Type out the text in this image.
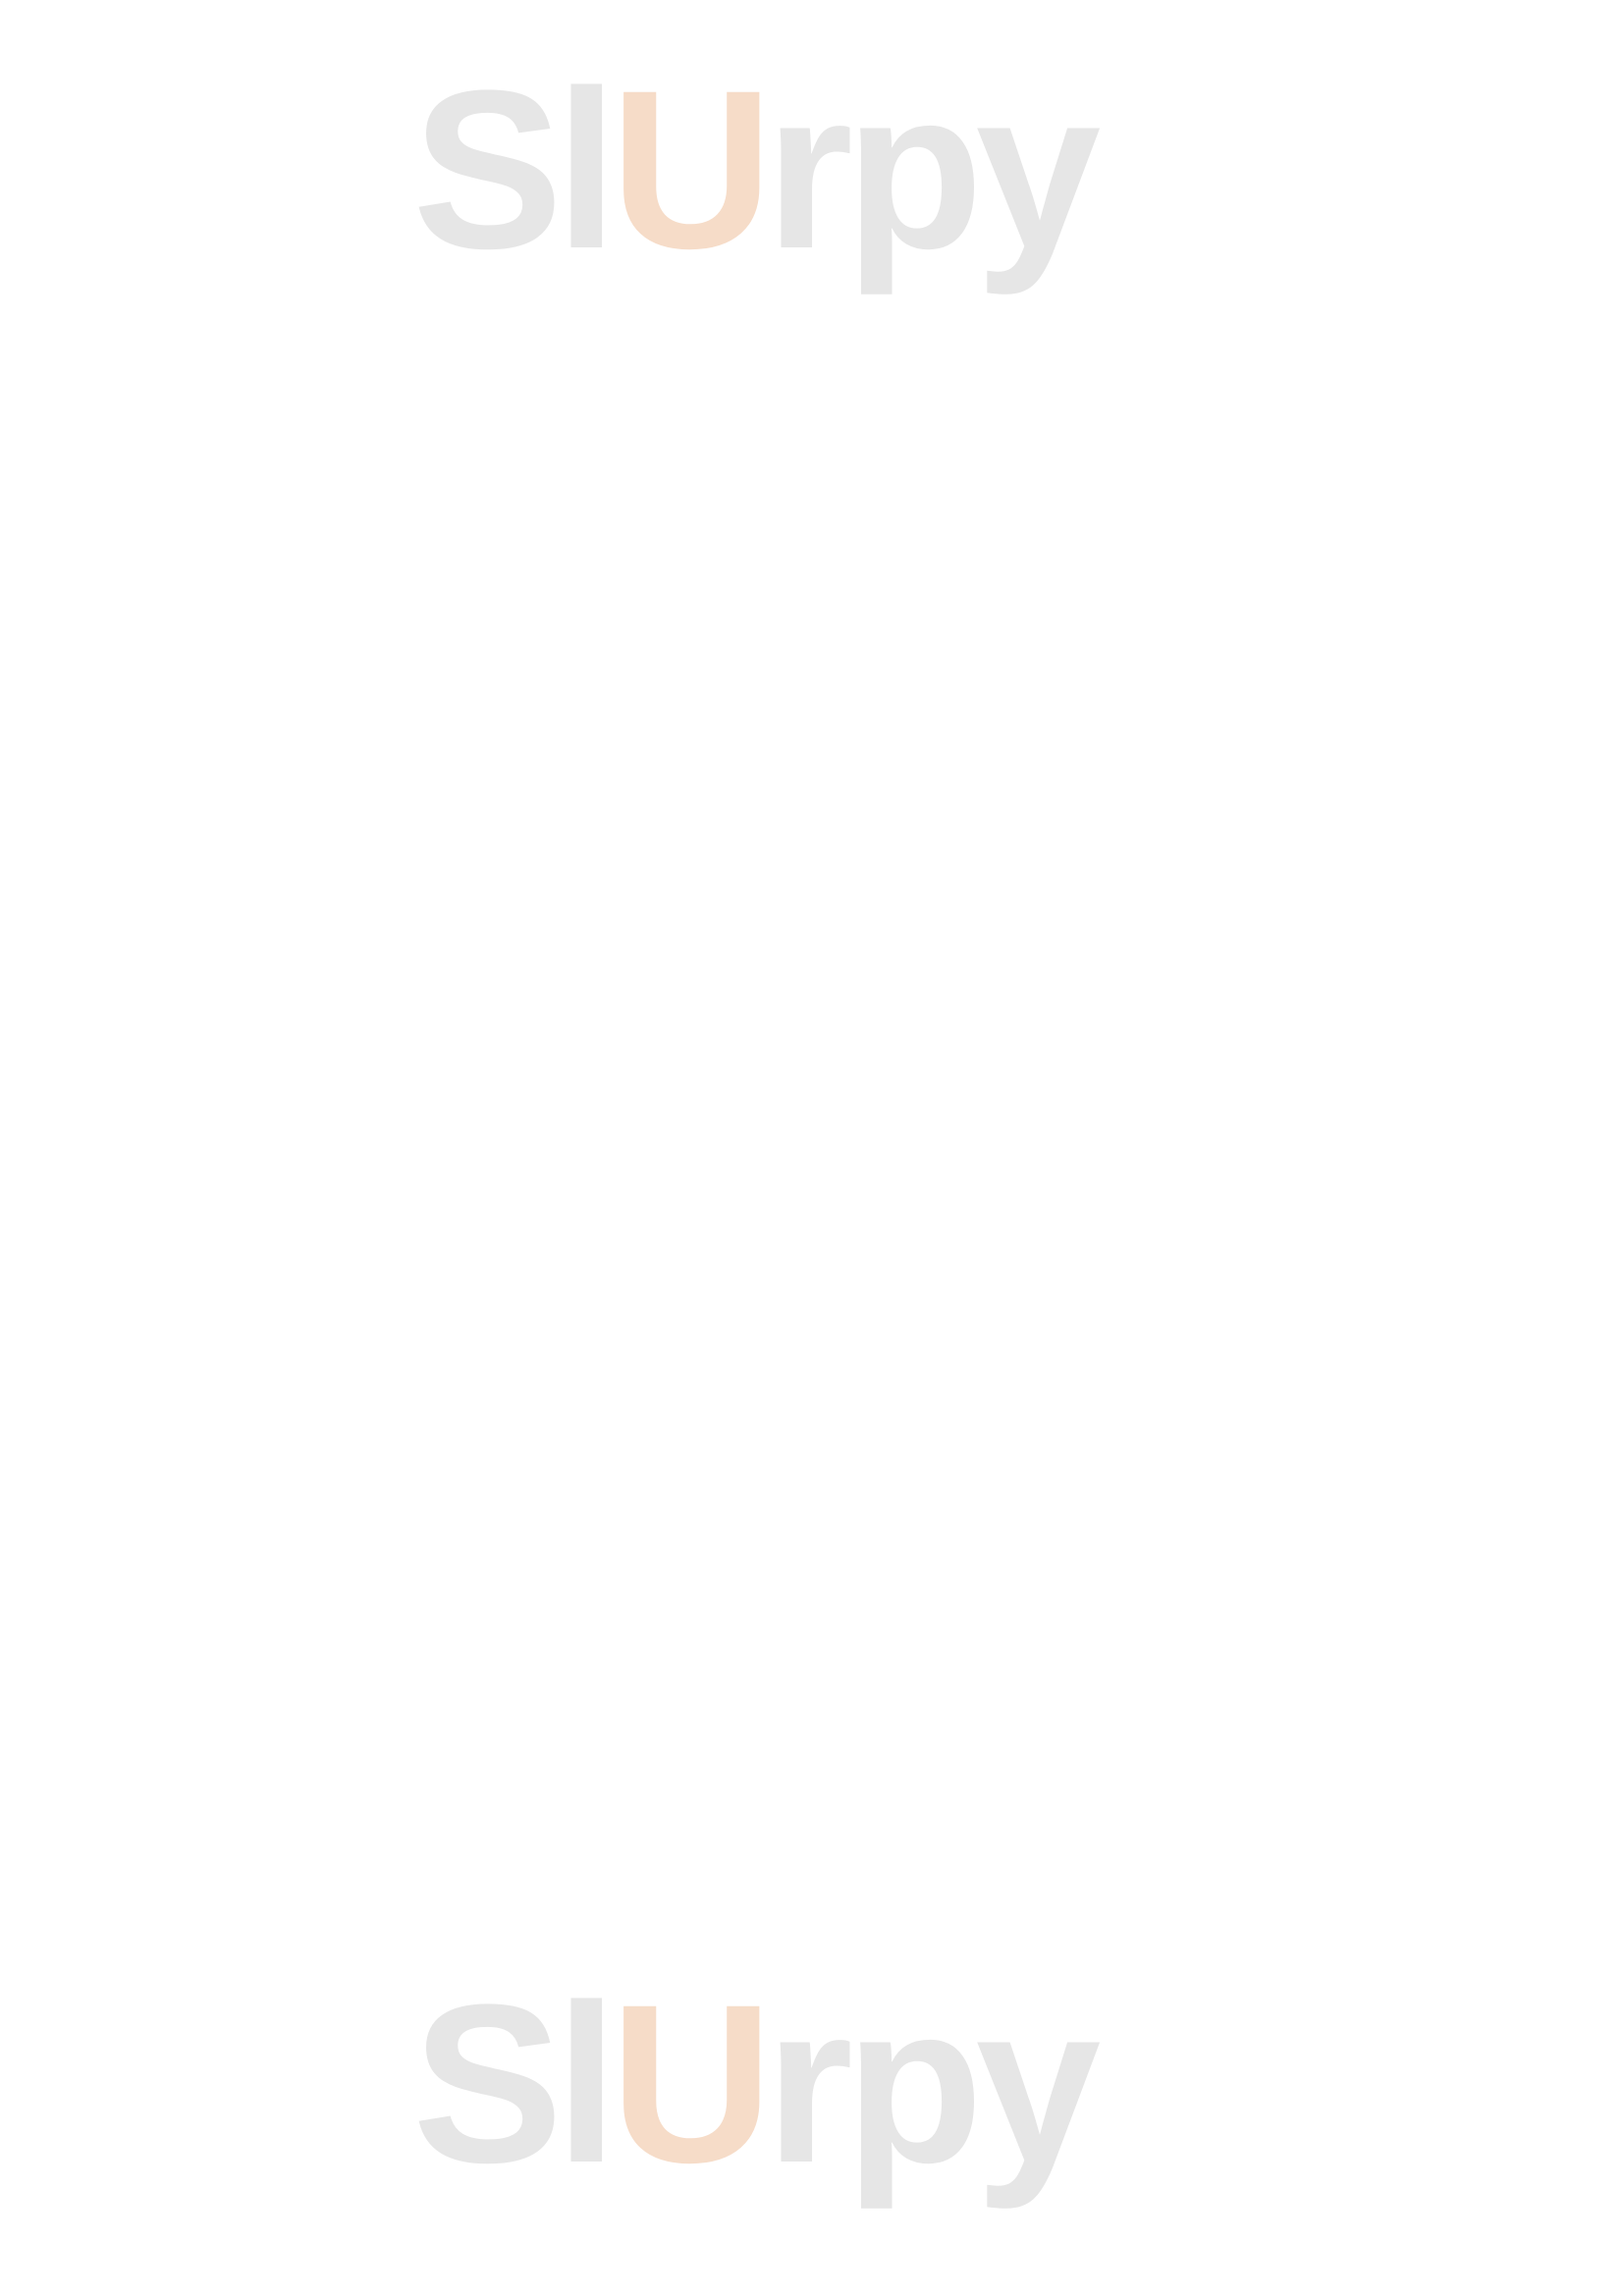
SlUrpy
SlUrpy
